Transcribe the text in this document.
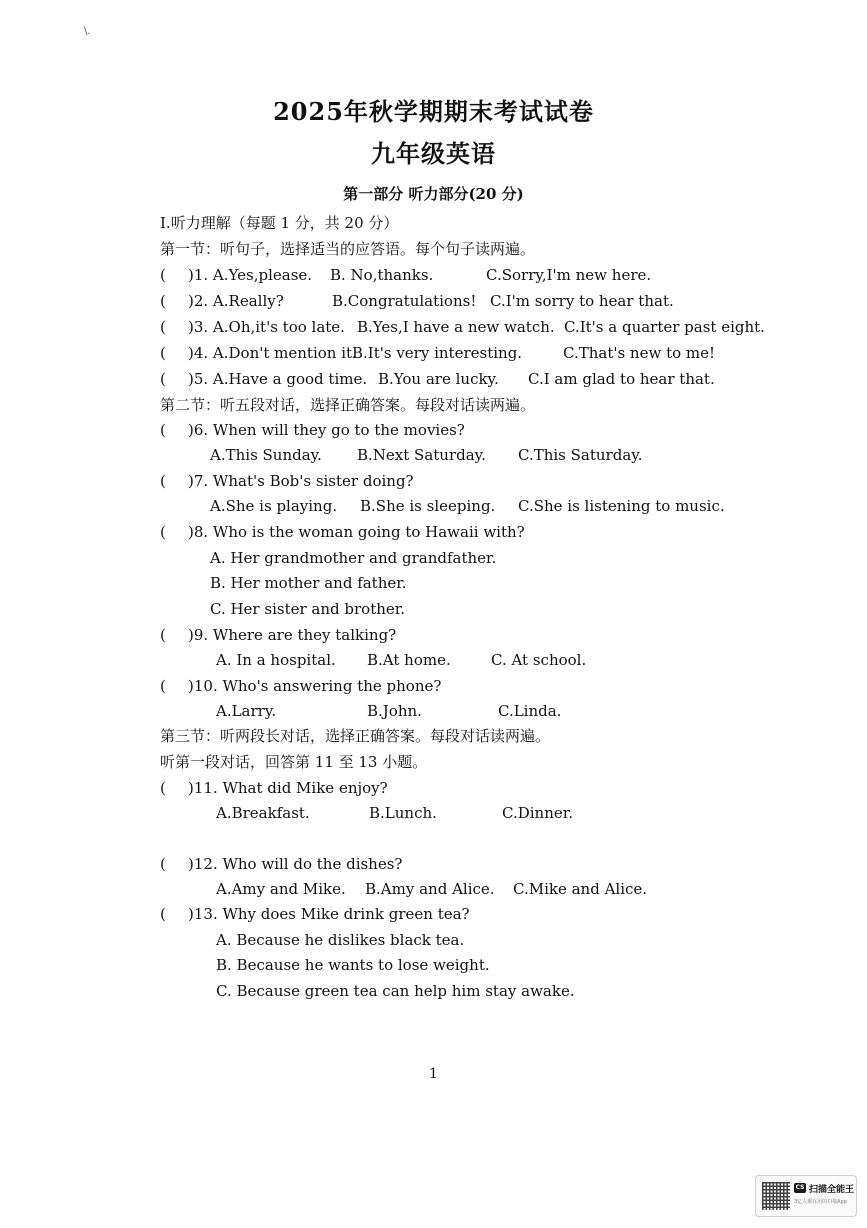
\.
2025年秋学期期末考试试卷
九年级英语
第一部分 听力部分(20 分)
I.听力理解（每题 1 分，共 20 分）
第一节：听句子，选择适当的应答语。每个句子读两遍。
( )1. A.Yes,please. B. No,thanks.	C.Sorry,I'm new here.
( )2. A.Really?	B.Congratulations! C.I'm sorry to hear that.
( )3. A.Oh,it's too late. B.Yes,I have a new watch. C.It's a quarter past eight.
( )4. A.Don't mention it.
B.It's very interesting.	C.That's new to me!
( )5. A.Have a good time. B.You are lucky. C.I am glad to hear that.
第二节：听五段对话，选择正确答案。每段对话读两遍。
( )6. When will they go to the movies?
A.This Sunday. B.Next Saturday. C.This Saturday.
( )7. What's Bob's sister doing?
A.She is playing. B.She is sleeping. C.She is listening to music.
( )8. Who is the woman going to Hawaii with?
A. Her grandmother and grandfather.
B. Her mother and father.
C. Her sister and brother.
( )9. Where are they talking?
A. In a hospital. B.At home.	C. At school.
( )10. Who's answering the phone?
A.Larry.	B.John.	C.Linda.
第三节：听两段长对话，选择正确答案。每段对话读两遍。
听第一段对话，回答第 11 至 13 小题。
( )11. What did Mike enjoy?
A.Breakfast.	B.Lunch.	C.Dinner.
( )12. Who will do the dishes?
A.Amy and Mike. B.Amy and Alice. C.Mike and Alice.
( )13. Why does Mike drink green tea?
A. Because he dislikes black tea.
B. Because he wants to lose weight.
C. Because green tea can help him stay awake.
1
CS 扫描全能王
3亿人都在用的扫描App
